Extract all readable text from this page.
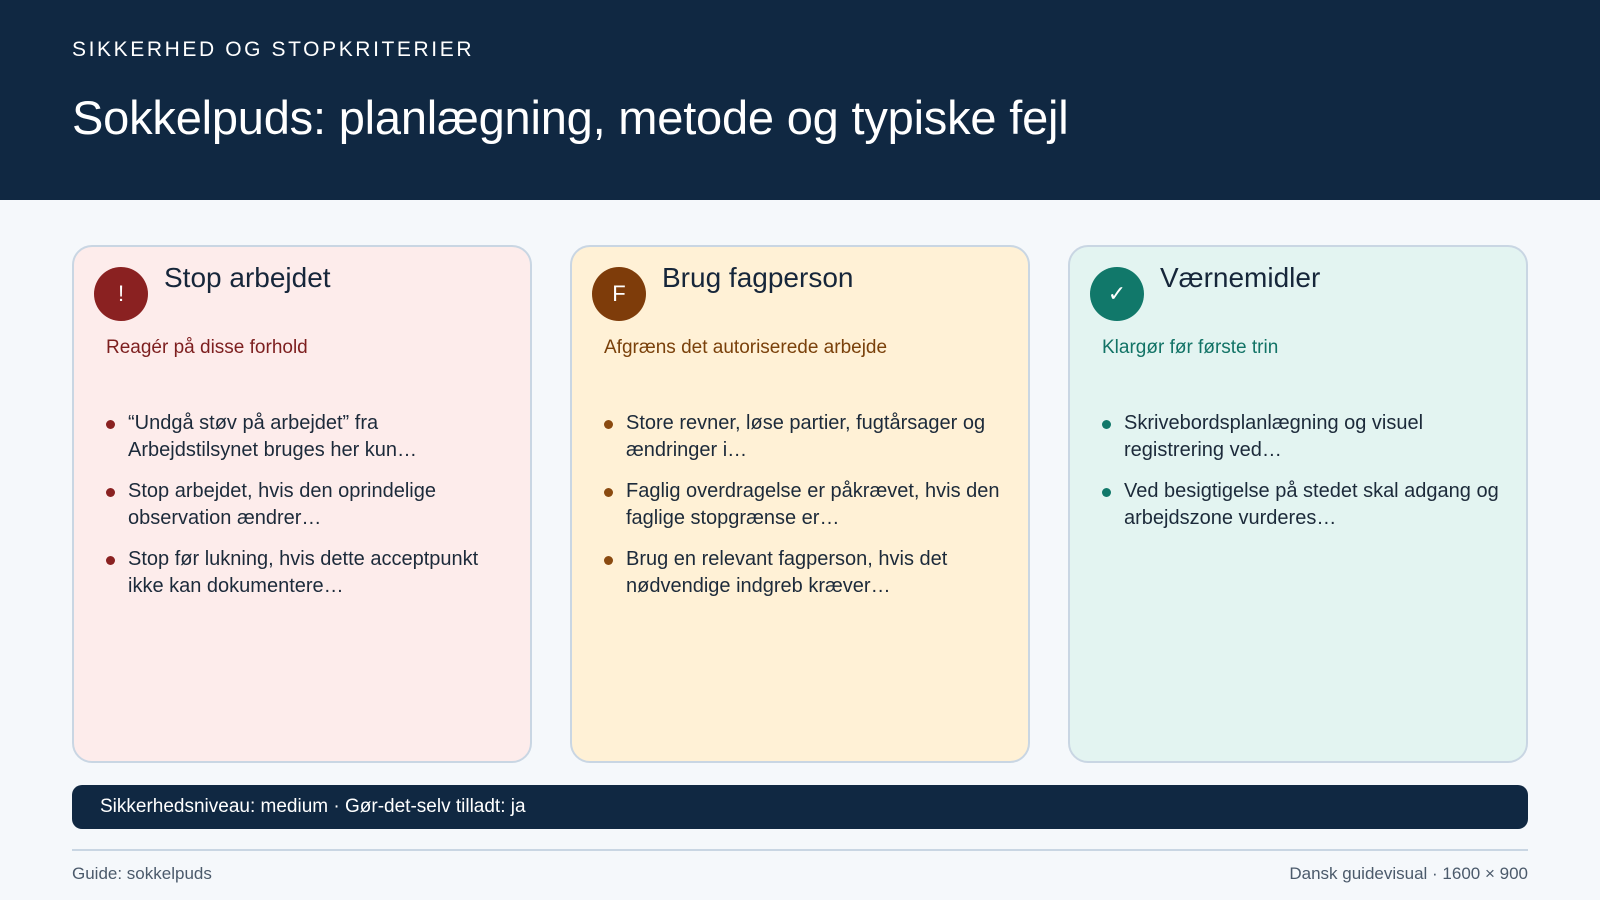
SIKKERHED OG STOPKRITERIER
Sokkelpuds: planlægning, metode og typiske fejl
!
Stop arbejdet
Reagér på disse forhold
“Undgå støv på arbejdet” fra Arbejdstilsynet bruges her kun…
Stop arbejdet, hvis den oprindelige observation ændrer…
Stop før lukning, hvis dette acceptpunkt ikke kan dokumentere…
F
Brug fagperson
Afgræns det autoriserede arbejde
Store revner, løse partier, fugtårsager og ændringer i…
Faglig overdragelse er påkrævet, hvis den faglige stopgrænse er…
Brug en relevant fagperson, hvis det nødvendige indgreb kræver…
✓
Værnemidler
Klargør før første trin
Skrivebordsplanlægning og visuel registrering ved…
Ved besigtigelse på stedet skal adgang og arbejdszone vurderes…
Sikkerhedsniveau: medium · Gør-det-selv tilladt: ja
Guide: sokkelpuds	Dansk guidevisual · 1600 × 900
